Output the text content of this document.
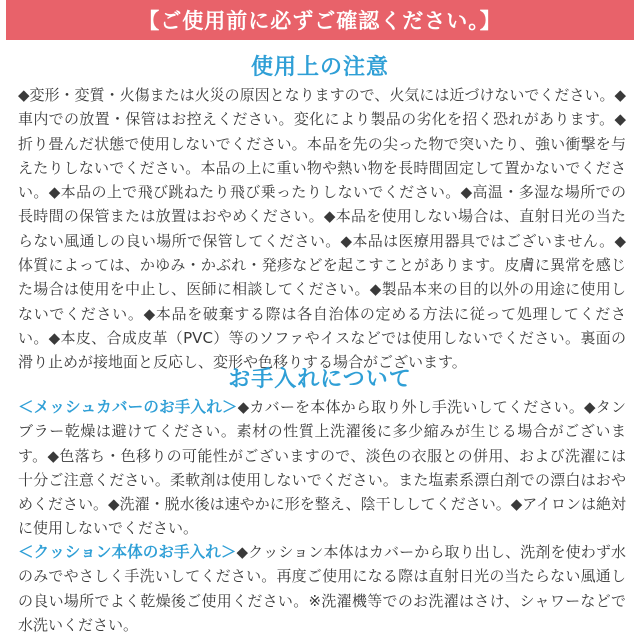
【ご使用前に必ずご確認ください。】
使用上の注意
◆変形・変質・火傷または火災の原因となりますので、火気には近づけないでください。◆車内での放置・保管はお控えください。変化により製品の劣化を招く恐れがあります。◆折り畳んだ状態で使用しないでください。本品を先の尖った物で突いたり、強い衝撃を与えたりしないでください。本品の上に重い物や熱い物を長時間固定して置かないでください。◆本品の上で飛び跳ねたり飛び乗ったりしないでください。◆高温・多湿な場所での長時間の保管または放置はおやめください。◆本品を使用しない場合は、直射日光の当たらない風通しの良い場所で保管してください。◆本品は医療用器具ではございません。◆体質によっては、かゆみ・かぶれ・発疹などを起こすことがあります。皮膚に異常を感じた場合は使用を中止し、医師に相談してください。◆製品本来の目的以外の用途に使用しないでください。◆本品を破棄する際は各自治体の定める方法に従って処理してください。◆本皮、合成皮革（PVC）等のソファやイスなどでは使用しないでください。裏面の滑り止めが接地面と反応し、変形や色移りする場合がございます。
お手入れについて
＜メッシュカバーのお手入れ＞◆カバーを本体から取り外し手洗いしてください。◆タンブラー乾燥は避けてください。素材の性質上洗濯後に多少縮みが生じる場合がございます。◆色落ち・色移りの可能性がございますので、淡色の衣服との併用、および洗濯には十分ご注意ください。柔軟剤は使用しないでください。また塩素系漂白剤での漂白はおやめください。◆洗濯・脱水後は速やかに形を整え、陰干ししてください。◆アイロンは絶対に使用しないでください。
＜クッション本体のお手入れ＞◆クッション本体はカバーから取り出し、洗剤を使わず水のみでやさしく手洗いしてください。再度ご使用になる際は直射日光の当たらない風通しの良い場所でよく乾燥後ご使用ください。※洗濯機等でのお洗濯はさけ、シャワーなどで水洗いください。
